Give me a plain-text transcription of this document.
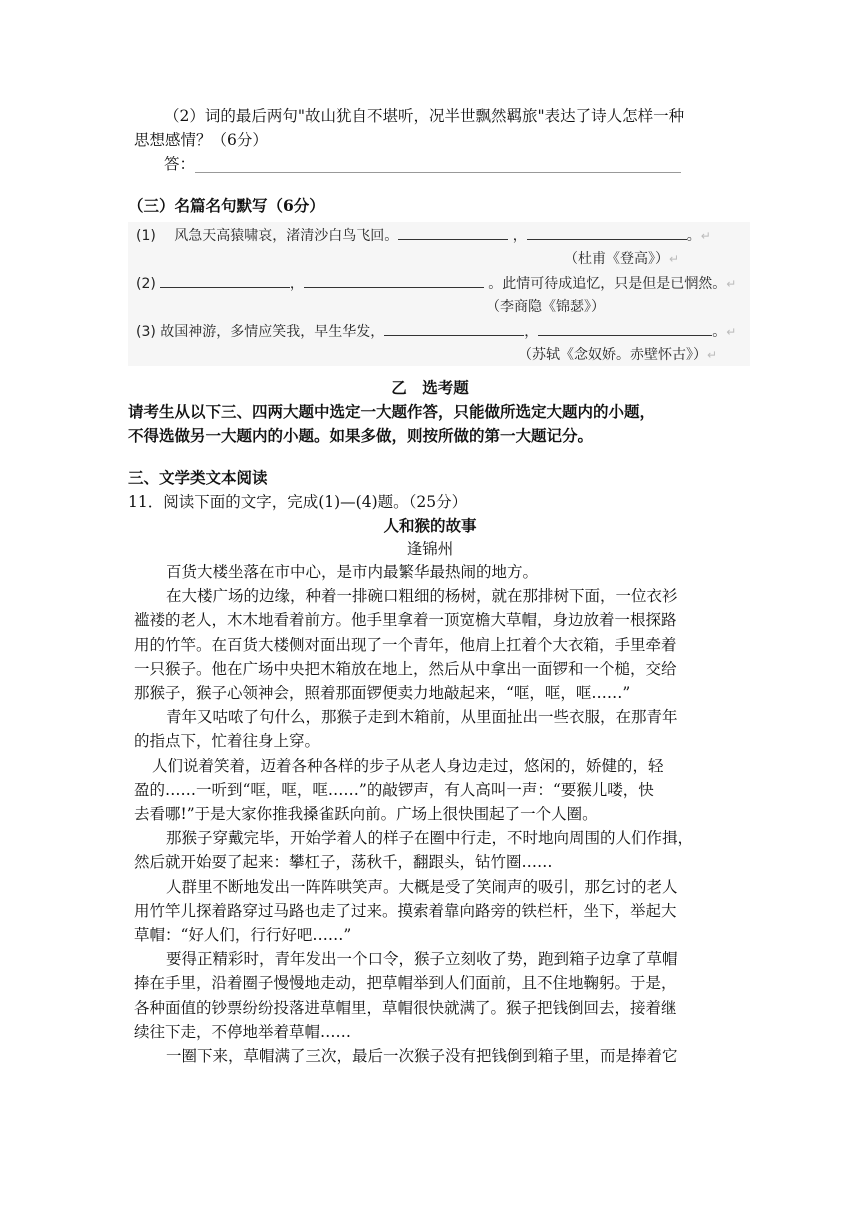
（2）词的最后两句"故山犹自不堪听，况半世飘然羁旅"表达了诗人怎样一种
思想感情？（6分）
答：
（三）名篇名句默写（6分）
(1) 风急天高猿啸哀，渚清沙白鸟飞回。	，	。↵
（杜甫《登高》）↵
(2)	，	。此情可待成追忆，只是但是已惘然。↵
（李商隐《锦瑟》）
(3) 故国神游，多情应笑我，早生华发，	，	。↵
（苏轼《念奴娇。赤壁怀古》）↵
乙　选考题
请考生从以下三、四两大题中选定一大题作答，只能做所选定大题内的小题，
不得选做另一大题内的小题。如果多做，则按所做的第一大题记分。
三、文学类文本阅读
11．阅读下面的文字，完成(1)—(4)题。（25分）
人和猴的故事
逢锦州
百货大楼坐落在市中心，是市内最繁华最热闹的地方。
在大楼广场的边缘，种着一排碗口粗细的杨树，就在那排树下面，一位衣衫
褴褛的老人，木木地看着前方。他手里拿着一顶宽檐大草帽，身边放着一根探路
用的竹竿。在百货大楼侧对面出现了一个青年，他肩上扛着个大衣箱，手里牵着
一只猴子。他在广场中央把木箱放在地上，然后从中拿出一面锣和一个槌，交给
那猴子，猴子心领神会，照着那面锣便卖力地敲起来，“哐，哐，哐……”
青年又咕哝了句什么，那猴子走到木箱前，从里面扯出一些衣服，在那青年
的指点下，忙着往身上穿。
人们说着笑着，迈着各种各样的步子从老人身边走过，悠闲的，娇健的，轻
盈的……一听到“哐，哐，哐……”的敲锣声，有人高叫一声：“要猴儿喽，快
去看哪!”于是大家你推我搡雀跃向前。广场上很快围起了一个人圈。
那猴子穿戴完毕，开始学着人的样子在圈中行走，不时地向周围的人们作揖，
然后就开始耍了起来：攀杠子，荡秋千，翻跟头，钻竹圈……
人群里不断地发出一阵阵哄笑声。大概是受了笑闹声的吸引，那乞讨的老人
用竹竿儿探着路穿过马路也走了过来。摸索着靠向路旁的铁栏杆，坐下，举起大
草帽：“好人们，行行好吧……”
要得正精彩时，青年发出一个口令，猴子立刻收了势，跑到箱子边拿了草帽
捧在手里，沿着圈子慢慢地走动，把草帽举到人们面前，且不住地鞠躬。于是，
各种面值的钞票纷纷投落进草帽里，草帽很快就满了。猴子把钱倒回去，接着继
续往下走，不停地举着草帽……
一圈下来，草帽满了三次，最后一次猴子没有把钱倒到箱子里，而是捧着它
